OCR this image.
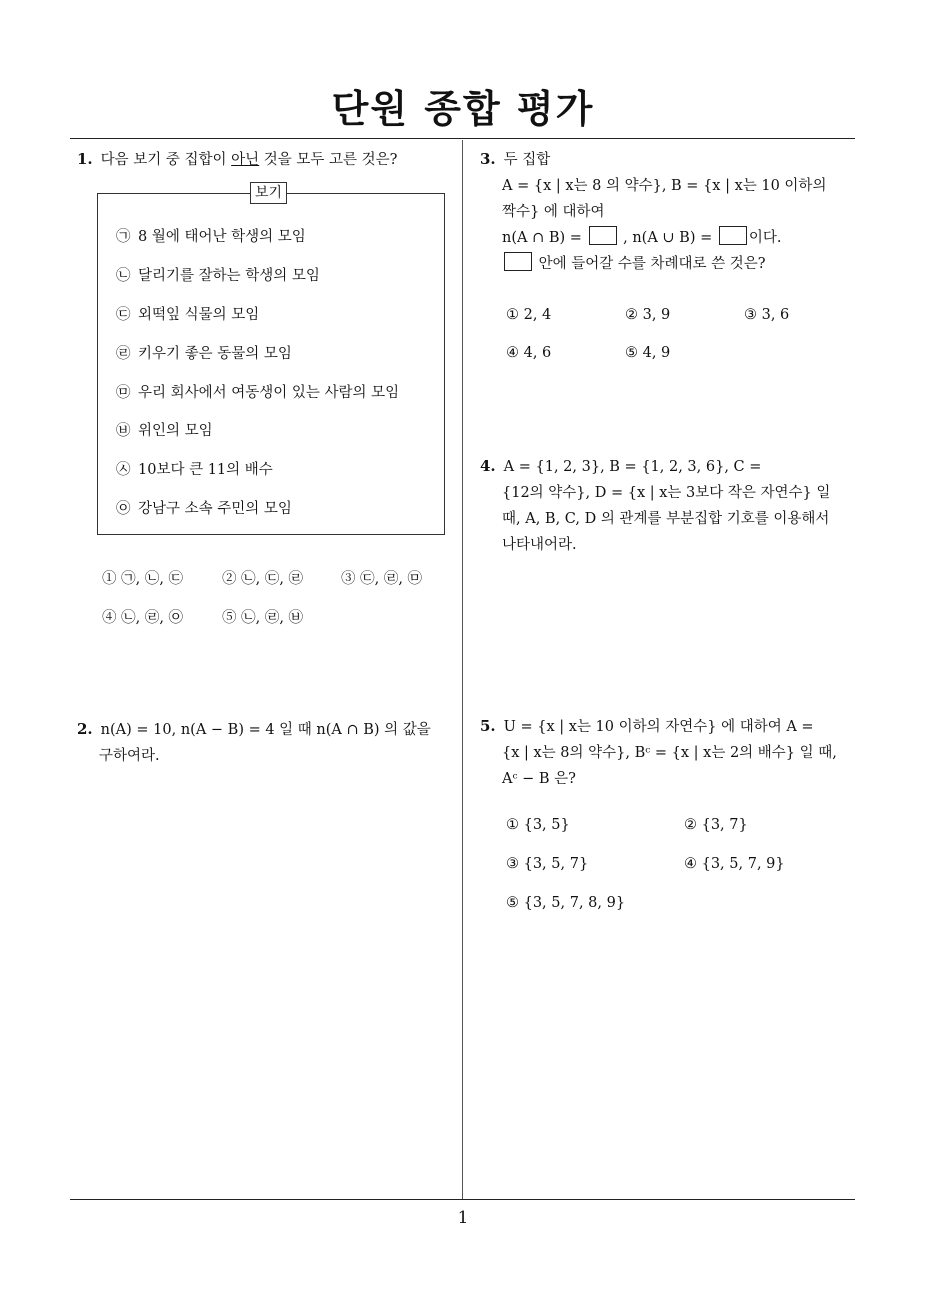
단원 종합 평가
1
1. 다음 보기 중 집합이 아닌 것을 모두 고른 것은?
보기
㉠ 8 월에 태어난 학생의 모임
㉡ 달리기를 잘하는 학생의 모임
㉢ 외떡잎 식물의 모임
㉣ 키우기 좋은 동물의 모임
㉤ 우리 회사에서 여동생이 있는 사람의 모임
㉥ 위인의 모임
㉦ 10보다 큰 11의 배수
㉧ 강남구 소속 주민의 모임
① ㉠, ㉡, ㉢	② ㉡, ㉢, ㉣	③ ㉢, ㉣, ㉤
④ ㉡, ㉣, ㉧	⑤ ㉡, ㉣, ㉥
2. n(A) = 10, n(A − B) = 4 일 때 n(A ∩ B) 의 값을
구하여라.
3. 두 집합
A = {x | x는 8 의 약수}, B = {x | x는 10 이하의
짝수} 에 대하여
n(A ∩ B) =	, n(A ∪ B) =	이다.
안에 들어갈 수를 차례대로 쓴 것은?
① 2, 4	② 3, 9	③ 3, 6
④ 4, 6	⑤ 4, 9
4. A = {1, 2, 3}, B = {1, 2, 3, 6}, C =
{12의 약수}, D = {x | x는 3보다 작은 자연수} 일
때, A, B, C, D 의 관계를 부분집합 기호를 이용해서
나타내어라.
5. U = {x | x는 10 이하의 자연수} 에 대하여 A =
{x | x는 8의 약수}, Bᶜ = {x | x는 2의 배수} 일 때,
Aᶜ − B 은?
① {3, 5}	② {3, 7}
③ {3, 5, 7}	④ {3, 5, 7, 9}
⑤ {3, 5, 7, 8, 9}
